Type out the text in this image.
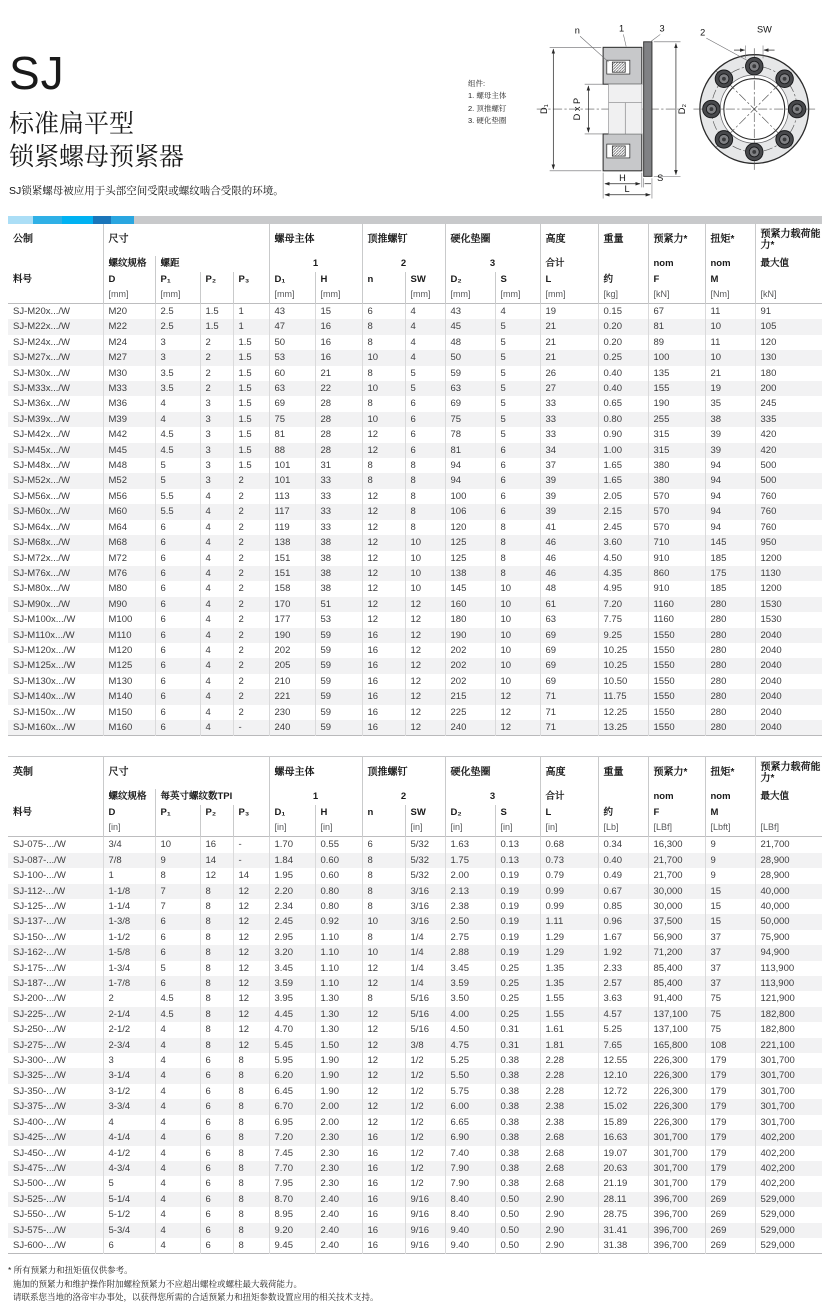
SJ
标准扁平型
锁紧螺母预紧器

SJ锁紧螺母被应用于头部空间受限或螺纹啮合受限的环境。

组件:
1. 螺母主体
2. 顶推螺钉
3. 硬化垫圈
D₁ D x P	D₂
n	1	3
H	S
L
2	SW
公制	尺寸				螺母主体		顶推螺钉		硬化垫圈		高度	重量	预紧力*	扭矩*	预紧力载荷能力*
	螺纹规格	螺距			1		2		3		合计		nom	nom	最大值
料号	D	P₁	P₂	P₃	D₁	H	n	SW	D₂	S	L	约	F	M	
	[mm]	[mm]			[mm]	[mm]		[mm]	[mm]	[mm]	[mm]	[kg]	[kN]	[Nm]	[kN]
SJ-M20x.../W	M20	2.5	1.5	1	43	15	6	4	43	4	19	0.15	67	11	91
SJ-M22x.../W	M22	2.5	1.5	1	47	16	8	4	45	5	21	0.20	81	10	105
SJ-M24x.../W	M24	3	2	1.5	50	16	8	4	48	5	21	0.20	89	11	120
SJ-M27x.../W	M27	3	2	1.5	53	16	10	4	50	5	21	0.25	100	10	130
SJ-M30x.../W	M30	3.5	2	1.5	60	21	8	5	59	5	26	0.40	135	21	180
SJ-M33x.../W	M33	3.5	2	1.5	63	22	10	5	63	5	27	0.40	155	19	200
SJ-M36x.../W	M36	4	3	1.5	69	28	8	6	69	5	33	0.65	190	35	245
SJ-M39x.../W	M39	4	3	1.5	75	28	10	6	75	5	33	0.80	255	38	335
SJ-M42x.../W	M42	4.5	3	1.5	81	28	12	6	78	5	33	0.90	315	39	420
SJ-M45x.../W	M45	4.5	3	1.5	88	28	12	6	81	6	34	1.00	315	39	420
SJ-M48x.../W	M48	5	3	1.5	101	31	8	8	94	6	37	1.65	380	94	500
SJ-M52x.../W	M52	5	3	2	101	33	8	8	94	6	39	1.65	380	94	500
SJ-M56x.../W	M56	5.5	4	2	113	33	12	8	100	6	39	2.05	570	94	760
SJ-M60x.../W	M60	5.5	4	2	117	33	12	8	106	6	39	2.15	570	94	760
SJ-M64x.../W	M64	6	4	2	119	33	12	8	120	8	41	2.45	570	94	760
SJ-M68x.../W	M68	6	4	2	138	38	12	10	125	8	46	3.60	710	145	950
SJ-M72x.../W	M72	6	4	2	151	38	12	10	125	8	46	4.50	910	185	1200
SJ-M76x.../W	M76	6	4	2	151	38	12	10	138	8	46	4.35	860	175	1130
SJ-M80x.../W	M80	6	4	2	158	38	12	10	145	10	48	4.95	910	185	1200
SJ-M90x.../W	M90	6	4	2	170	51	12	12	160	10	61	7.20	1160	280	1530
SJ-M100x.../W	M100	6	4	2	177	53	12	12	180	10	63	7.75	1160	280	1530
SJ-M110x.../W	M110	6	4	2	190	59	16	12	190	10	69	9.25	1550	280	2040
SJ-M120x.../W	M120	6	4	2	202	59	16	12	202	10	69	10.25	1550	280	2040
SJ-M125x.../W	M125	6	4	2	205	59	16	12	202	10	69	10.25	1550	280	2040
SJ-M130x.../W	M130	6	4	2	210	59	16	12	202	10	69	10.50	1550	280	2040
SJ-M140x.../W	M140	6	4	2	221	59	16	12	215	12	71	11.75	1550	280	2040
SJ-M150x.../W	M150	6	4	2	230	59	16	12	225	12	71	12.25	1550	280	2040
SJ-M160x.../W	M160	6	4	-	240	59	16	12	240	12	71	13.25	1550	280	2040
英制	尺寸				螺母主体		顶推螺钉		硬化垫圈		高度	重量	预紧力*	扭矩*	预紧力载荷能力*
	螺纹规格	每英寸螺纹数TPI			1		2		3		合计		nom	nom	最大值
料号	D	P₁	P₂	P₃	D₁	H	n	SW	D₂	S	L	约	F	M	
	[in]				[in]	[in]		[in]	[in]	[in]	[in]	[Lb]	[LBf]	[Lbft]	[LBf]
SJ-075-.../W	3/4	10	16	-	1.70	0.55	6	5/32	1.63	0.13	0.68	0.34	16,300	9	21,700
SJ-087-.../W	7/8	9	14	-	1.84	0.60	8	5/32	1.75	0.13	0.73	0.40	21,700	9	28,900
SJ-100-.../W	1	8	12	14	1.95	0.60	8	5/32	2.00	0.19	0.79	0.49	21,700	9	28,900
SJ-112-.../W	1-1/8	7	8	12	2.20	0.80	8	3/16	2.13	0.19	0.99	0.67	30,000	15	40,000
SJ-125-.../W	1-1/4	7	8	12	2.34	0.80	8	3/16	2.38	0.19	0.99	0.85	30,000	15	40,000
SJ-137-.../W	1-3/8	6	8	12	2.45	0.92	10	3/16	2.50	0.19	1.11	0.96	37,500	15	50,000
SJ-150-.../W	1-1/2	6	8	12	2.95	1.10	8	1/4	2.75	0.19	1.29	1.67	56,900	37	75,900
SJ-162-.../W	1-5/8	6	8	12	3.20	1.10	10	1/4	2.88	0.19	1.29	1.92	71,200	37	94,900
SJ-175-.../W	1-3/4	5	8	12	3.45	1.10	12	1/4	3.45	0.25	1.35	2.33	85,400	37	113,900
SJ-187-.../W	1-7/8	6	8	12	3.59	1.10	12	1/4	3.59	0.25	1.35	2.57	85,400	37	113,900
SJ-200-.../W	2	4.5	8	12	3.95	1.30	8	5/16	3.50	0.25	1.55	3.63	91,400	75	121,900
SJ-225-.../W	2-1/4	4.5	8	12	4.45	1.30	12	5/16	4.00	0.25	1.55	4.57	137,100	75	182,800
SJ-250-.../W	2-1/2	4	8	12	4.70	1.30	12	5/16	4.50	0.31	1.61	5.25	137,100	75	182,800
SJ-275-.../W	2-3/4	4	8	12	5.45	1.50	12	3/8	4.75	0.31	1.81	7.65	165,800	108	221,100
SJ-300-.../W	3	4	6	8	5.95	1.90	12	1/2	5.25	0.38	2.28	12.55	226,300	179	301,700
SJ-325-.../W	3-1/4	4	6	8	6.20	1.90	12	1/2	5.50	0.38	2.28	12.10	226,300	179	301,700
SJ-350-.../W	3-1/2	4	6	8	6.45	1.90	12	1/2	5.75	0.38	2.28	12.72	226,300	179	301,700
SJ-375-.../W	3-3/4	4	6	8	6.70	2.00	12	1/2	6.00	0.38	2.38	15.02	226,300	179	301,700
SJ-400-.../W	4	4	6	8	6.95	2.00	12	1/2	6.65	0.38	2.38	15.89	226,300	179	301,700
SJ-425-.../W	4-1/4	4	6	8	7.20	2.30	16	1/2	6.90	0.38	2.68	16.63	301,700	179	402,200
SJ-450-.../W	4-1/2	4	6	8	7.45	2.30	16	1/2	7.40	0.38	2.68	19.07	301,700	179	402,200
SJ-475-.../W	4-3/4	4	6	8	7.70	2.30	16	1/2	7.90	0.38	2.68	20.63	301,700	179	402,200
SJ-500-.../W	5	4	6	8	7.95	2.30	16	1/2	7.90	0.38	2.68	21.19	301,700	179	402,200
SJ-525-.../W	5-1/4	4	6	8	8.70	2.40	16	9/16	8.40	0.50	2.90	28.11	396,700	269	529,000
SJ-550-.../W	5-1/2	4	6	8	8.95	2.40	16	9/16	8.40	0.50	2.90	28.75	396,700	269	529,000
SJ-575-.../W	5-3/4	4	6	8	9.20	2.40	16	9/16	9.40	0.50	2.90	31.41	396,700	269	529,000
SJ-600-.../W	6	4	6	8	9.45	2.40	16	9/16	9.40	0.50	2.90	31.38	396,700	269	529,000
* 所有预紧力和扭矩值仅供参考。
施加的预紧力和维护操作附加螺栓预紧力不应超出螺栓或螺柱最大载荷能力。
请联系您当地的洛帝牢办事处，以获得您所需的合适预紧力和扭矩参数设置应用的相关技术支持。
